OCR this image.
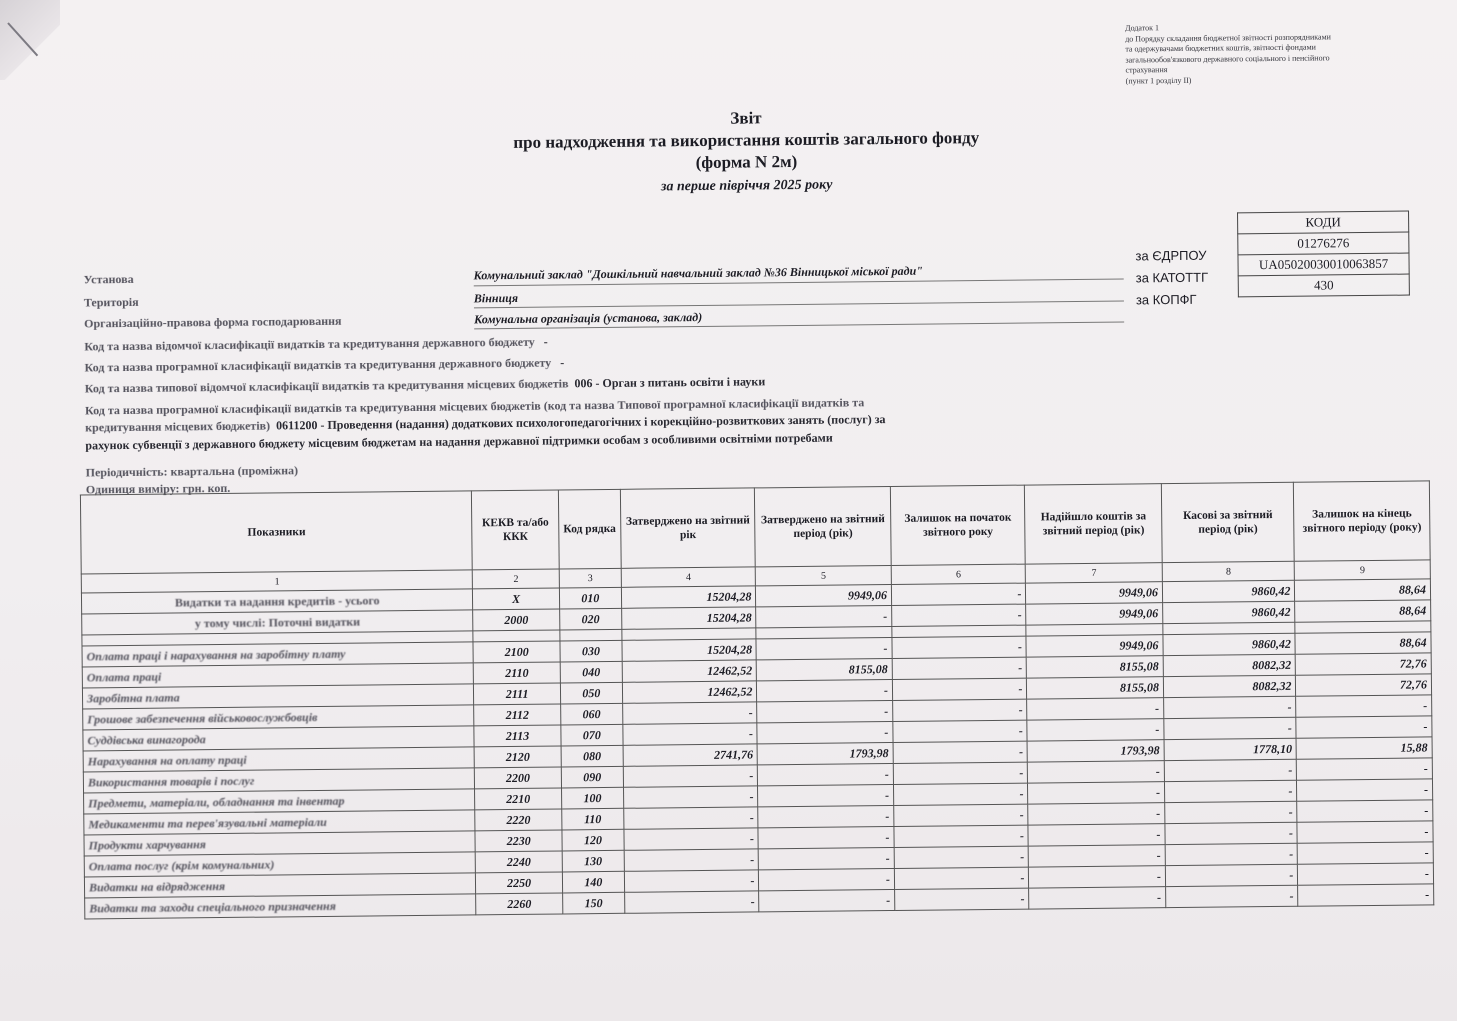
Додаток 1
до Порядку складання бюджетної звітності розпорядниками
та одержувачами бюджетних коштів, звітності фондами
загальнообов'язкового державного соціального і пенсійного
страхування
(пункт 1 розділу II)
Звіт
про надходження та використання коштів загального фонду
(форма N 2м)
за перше півріччя 2025 року
КОДИ
01276276
UA05020030010063857
430
за ЄДРПОУ
за КАТОТТГ
за КОПФГ
Установа	Комунальний заклад "Дошкільний навчальний заклад №36 Вінницької міської ради"
Територія	Вінниця
Організаційно-правова форма господарювання	Комунальна організація (установа, заклад)
Код та назва відомчої класифікації видатків та кредитування державного бюджету -
Код та назва програмної класифікації видатків та кредитування державного бюджету -
Код та назва типової відомчої класифікації видатків та кредитування місцевих бюджетів 006 - Орган з питань освіти і науки
Код та назва програмної класифікації видатків та кредитування місцевих бюджетів (код та назва Типової програмної класифікації видатків та
кредитування місцевих бюджетів) 0611200 - Проведення (надання) додаткових психологопедагогічних і корекційно-розвиткових занять (послуг) за
рахунок субвенції з державного бюджету місцевим бюджетам на надання державної підтримки особам з особливими освітніми потребами
Періодичність: квартальна (проміжна)
Одиниця виміру: грн. коп.
Показники	КЕКВ та/або ККК	Код рядка	Затверджено на звітний рік	Затверджено на звітний період (рік)	Залишок на початок звітного року	Надійшло коштів за звітний період (рік)	Касові за звітний період (рік)	Залишок на кінець звітного періоду (року)
1	2	3	4	5	6	7	8	9
Видатки та надання кредитів - усього	X	010	15204,28	9949,06	-	9949,06	9860,42	88,64
у тому числі: Поточні видатки	2000	020	15204,28	-	-	9949,06	9860,42	88,64

Оплата праці і нарахування на заробітну плату	2100	030	15204,28	-	-	9949,06	9860,42	88,64
Оплата праці	2110	040	12462,52	8155,08	-	8155,08	8082,32	72,76
Заробітна плата	2111	050	12462,52	-	-	8155,08	8082,32	72,76
Грошове забезпечення військовослужбовців	2112	060	-	-	-	-	-	-
Суддівська винагорода	2113	070	-	-	-	-	-	-
Нарахування на оплату праці	2120	080	2741,76	1793,98	-	1793,98	1778,10	15,88
Використання товарів і послуг	2200	090	-	-	-	-	-	-
Предмети, матеріали, обладнання та інвентар	2210	100	-	-	-	-	-	-
Медикаменти та перев'язувальні матеріали	2220	110	-	-	-	-	-	-
Продукти харчування	2230	120	-	-	-	-	-	-
Оплата послуг (крім комунальних)	2240	130	-	-	-	-	-	-
Видатки на відрядження	2250	140	-	-	-	-	-	-
Видатки та заходи спеціального призначення	2260	150	-	-	-	-	-	-
